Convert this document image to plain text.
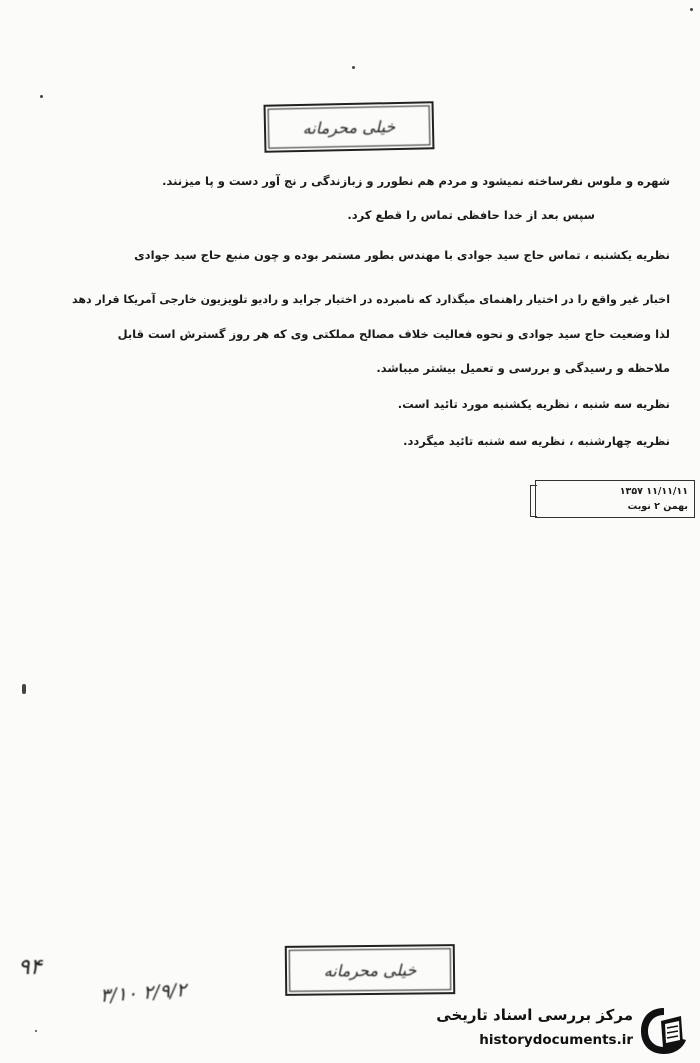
خیلی محرمانه
شهره و ملوس نفرساخته نمیشود و مردم هم نطورر و زبازندگی ر نج آور دست و پا میزنند.
سپس بعد از خدا حافظی تماس را قطع کرد.
نظریه یکشنبه ، تماس حاج سید جوادی با مهندس بطور مستمر بوده و چون منبع حاج سید جوادی
اخبار غیر واقع را در اختیار راهنمای میگذارد که نامبرده در اختیار جراید و رادیو تلویزیون خارجی آمریکا قرار دهد
لذا وضعیت حاج سید جوادی و نحوه فعالیت خلاف مصالح مملکتی وی که هر روز گسترش است قابل
ملاحظه و رسیدگی و بررسی و تعمیل بیشتر میباشد.
نظریه سه شنبه ، نظریه یکشنبه مورد تائید است.
نظریه چهارشنبه ، نظریه سه شنبه تائید میگردد.
۱۱/۱۱/۱۱ ۱۳۵۷
بهمن ۲ نوبت
۹۴
۳/۱۰ ۲/۹/۲
خیلی محرمانه
مرکز بررسی اسناد تاریخی
historydocuments.ir
